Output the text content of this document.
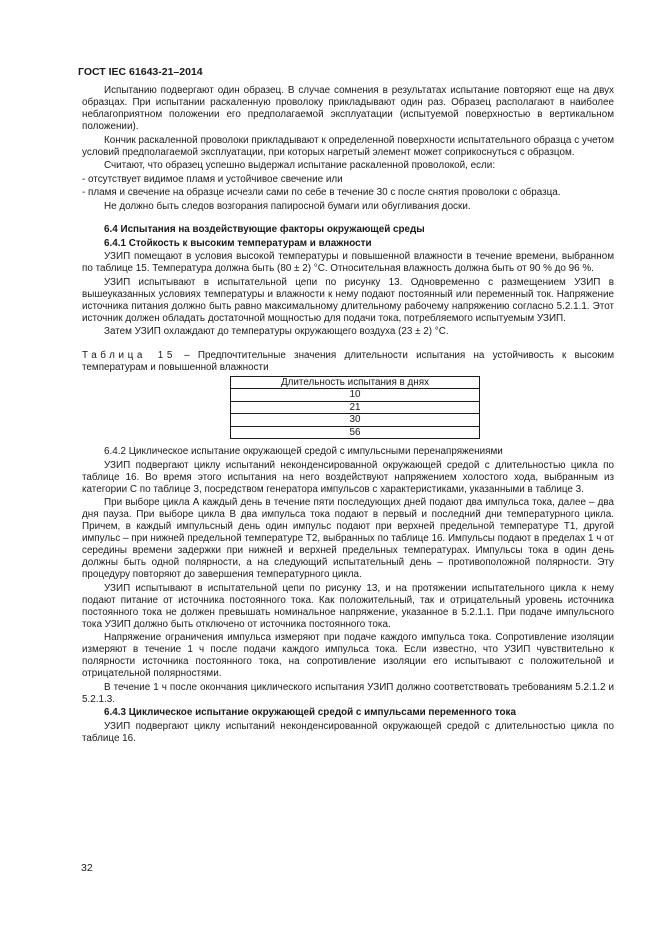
ГОСТ IEC 61643-21–2014

Испытанию подвергают один образец. В случае сомнения в результатах испытание повторяют еще на двух образцах. При испытании раскаленную проволоку прикладывают один раз. Образец располагают в наиболее неблагоприятном положении его предполагаемой эксплуатации (испытуемой поверхностью в вертикальном положении).

Кончик раскаленной проволоки прикладывают к определенной поверхности испытательного образца с учетом условий предполагаемой эксплуатации, при которых нагретый элемент может соприкоснуться с образцом.

Считают, что образец успешно выдержал испытание раскаленной проволокой, если:

- отсутствует видимое пламя и устойчивое свечение или

- пламя и свечение на образце исчезли сами по себе в течение 30 с после снятия проволоки с образца.

Не должно быть следов возгорания папиросной бумаги или обугливания доски.

6.4 Испытания на воздействующие факторы окружающей среды

6.4.1 Стойкость к высоким температурам и влажности

УЗИП помещают в условия высокой температуры и повышенной влажности в течение времени, выбранном по таблице 15. Температура должна быть (80 ± 2) °С. Относительная влажность должна быть от 90 % до 96 %.

УЗИП испытывают в испытательной цепи по рисунку 13. Одновременно с размещением УЗИП в вышеуказанных условиях температуры и влажности к нему подают постоянный или переменный ток. Напряжение источника питания должно быть равно максимальному длительному рабочему напряжению согласно 5.2.1.1. Этот источник должен обладать достаточной мощностью для подачи тока, потребляемого испытуемым УЗИП.

Затем УЗИП охлаждают до температуры окружающего воздуха (23 ± 2) °С.

Таблица 15 – Предпочтительные значения длительности испытания на устойчивость к высоким температурам и повышенной влажности

Длительность испытания в днях
10
21
30
56

6.4.2 Циклическое испытание окружающей средой с импульсными перенапряжениями

УЗИП подвергают циклу испытаний неконденсированной окружающей средой с длительностью цикла по таблице 16. Во время этого испытания на него воздействуют напряжением холостого хода, выбранным из категории С по таблице 3, посредством генератора импульсов с характеристиками, указанными в таблице 3.

При выборе цикла А каждый день в течение пяти последующих дней подают два импульса тока, далее – два дня пауза. При выборе цикла В два импульса тока подают в первый и последний дни температурного цикла. Причем, в каждый импульсный день один импульс подают при верхней предельной температуре T1, другой импульс – при нижней предельной температуре T2, выбранных по таблице 16. Импульсы подают в пределах 1 ч от середины времени задержки при нижней и верхней предельных температурах. Импульсы тока в один день должны быть одной полярности, а на следующий испытательный день – противоположной полярности. Эту процедуру повторяют до завершения температурного цикла.

УЗИП испытывают в испытательной цепи по рисунку 13, и на протяжении испытательного цикла к нему подают питание от источника постоянного тока. Как положительный, так и отрицательный уровень источника постоянного тока не должен превышать номинальное напряжение, указанное в 5.2.1.1. При подаче импульсного тока УЗИП должно быть отключено от источника постоянного тока.

Напряжение ограничения импульса измеряют при подаче каждого импульса тока. Сопротивление изоляции измеряют в течение 1 ч после подачи каждого импульса тока. Если известно, что УЗИП чувствительно к полярности источника постоянного тока, на сопротивление изоляции его испытывают с положительной и отрицательной полярностями.

В течение 1 ч после окончания циклического испытания УЗИП должно соответствовать требованиям 5.2.1.2 и 5.2.1.3.

6.4.3 Циклическое испытание окружающей средой с импульсами переменного тока

УЗИП подвергают циклу испытаний неконденсированной окружающей средой с длительностью цикла по таблице 16.

32
